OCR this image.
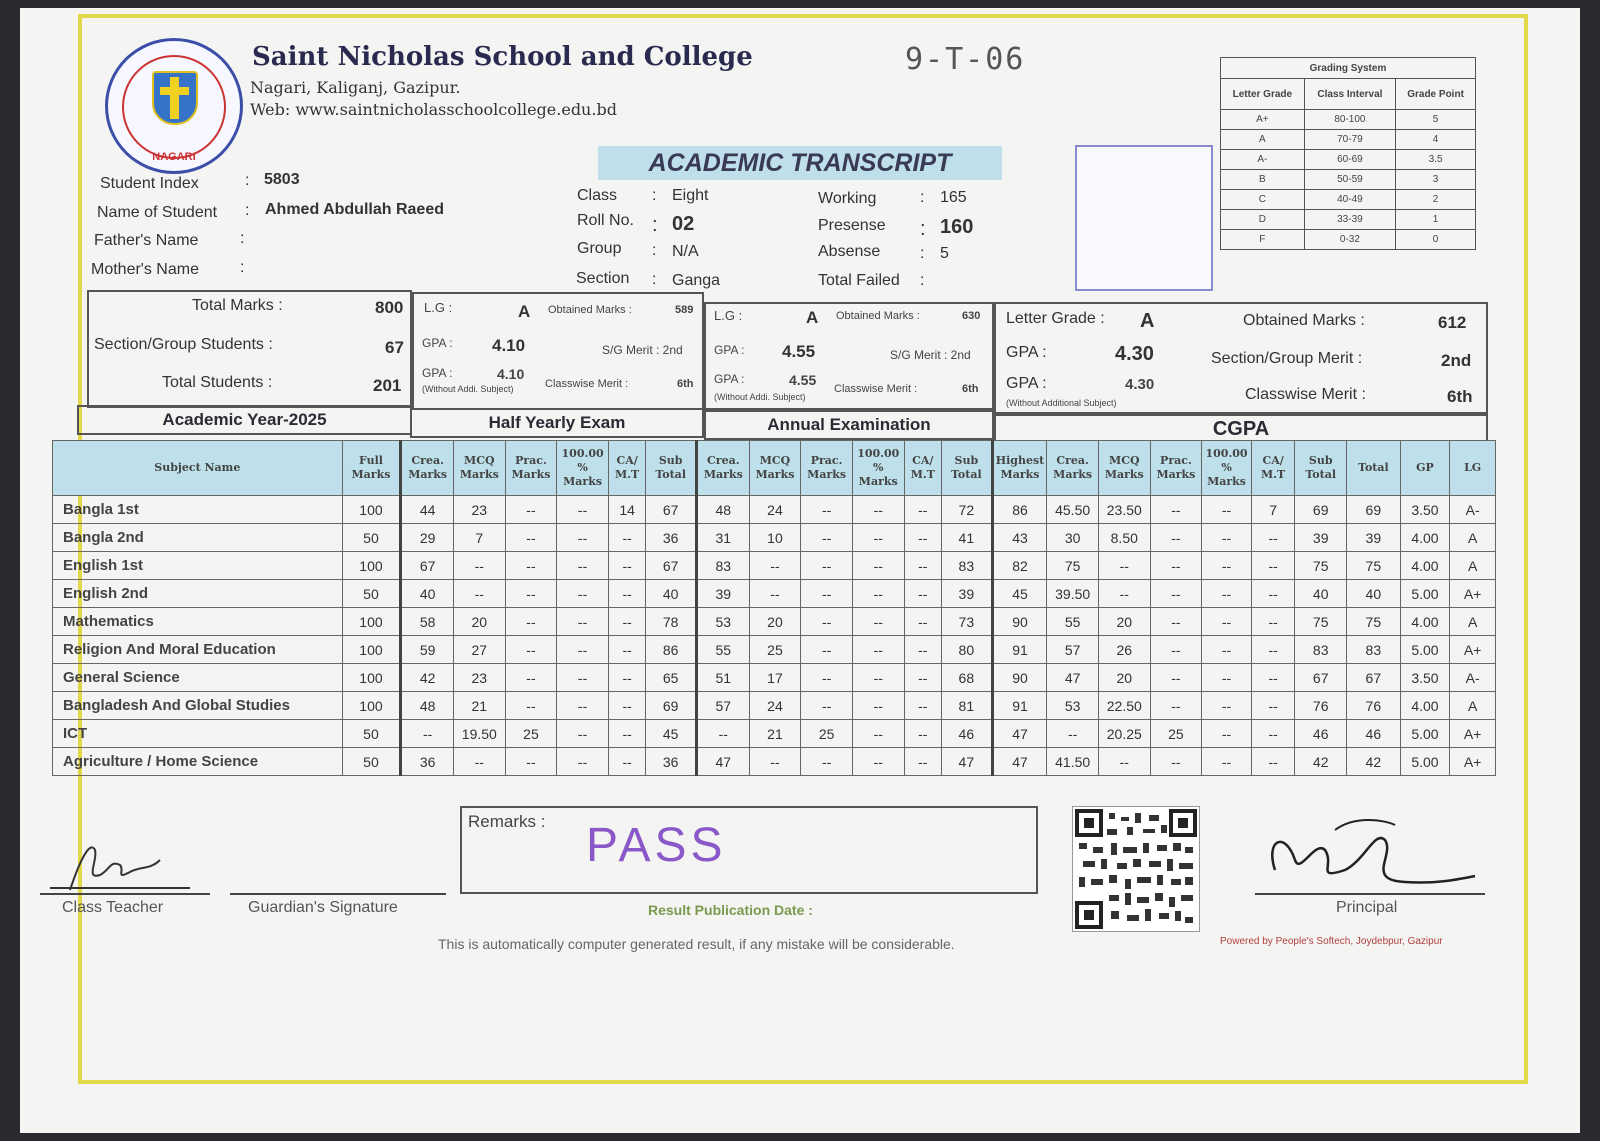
NAGARI
Saint Nicholas School and College
Nagari, Kaliganj, Gazipur.
Web: www.saintnicholasschoolcollege.edu.bd
9-T-06
ACADEMIC TRANSCRIPT
Student Index	: 5803
Name of Student : Ahmed Abdullah Raeed
Father's Name	:
Mother's Name	:
Class : Eight
Roll No. : 02
Group : N/A
Section : Ganga
Working	: 165
Presense : 160
Absense : 5
Total Failed :
Grading System		
Letter Grade	Class Interval	Grade Point
A+	80-100	5
A	70-79	4
A-	60-69	3.5
B	50-59	3
C	40-49	2
D	33-39	1
F	0-32	0
Total Marks :	800
Section/Group Students :	67
Total Students :	201
Academic Year-2025
L.G :	A Obtained Marks :	589
GPA : 4.10	S/G Merit : 2nd
GPA :	4.10
(Without Addi. Subject)	Classwise Merit :	6th
Half Yearly Exam
L.G :	A Obtained Marks :	630
GPA : 4.55	S/G Merit : 2nd
GPA :	4.55
(Without Addi. Subject)
Classwise Merit :	6th
Annual Examination
Letter Grade : A	Obtained Marks :	612
GPA :	4.30	Section/Group Merit :	2nd
GPA :	4.30
(Without Additional Subject)	Classwise Merit :	6th
CGPA
Subject Name	Full Marks	Crea. Marks	MCQ Marks	Prac. Marks	100.00 % Marks	CA/ M.T	Sub Total	Crea. Marks	MCQ Marks	Prac. Marks	100.00 % Marks	CA/ M.T	Sub Total	Highest Marks	Crea. Marks	MCQ Marks	Prac. Marks	100.00 % Marks	CA/ M.T	Sub Total	Total	GP	LG
Bangla 1st	100	44	23	--	--	14	67	48	24	--	--	--	72	86	45.50	23.50	--	--	7	69	69	3.50	A-
Bangla 2nd	50	29	7	--	--	--	36	31	10	--	--	--	41	43	30	8.50	--	--	--	39	39	4.00	A
English 1st	100	67	--	--	--	--	67	83	--	--	--	--	83	82	75	--	--	--	--	75	75	4.00	A
English 2nd	50	40	--	--	--	--	40	39	--	--	--	--	39	45	39.50	--	--	--	--	40	40	5.00	A+
Mathematics	100	58	20	--	--	--	78	53	20	--	--	--	73	90	55	20	--	--	--	75	75	4.00	A
Religion And Moral Education	100	59	27	--	--	--	86	55	25	--	--	--	80	91	57	26	--	--	--	83	83	5.00	A+
General Science	100	42	23	--	--	--	65	51	17	--	--	--	68	90	47	20	--	--	--	67	67	3.50	A-
Bangladesh And Global Studies	100	48	21	--	--	--	69	57	24	--	--	--	81	91	53	22.50	--	--	--	76	76	4.00	A
ICT	50	--	19.50	25	--	--	45	--	21	25	--	--	46	47	--	20.25	25	--	--	46	46	5.00	A+
Agriculture / Home Science	50	36	--	--	--	--	36	47	--	--	--	--	47	47	41.50	--	--	--	--	42	42	5.00	A+
Remarks : PASS
Class Teacher	Guardian's Signature	Result Publication Date :	Principal
This is automatically computer generated result, if any mistake will be considerable.	Powered by People's Softech, Joydebpur, Gazipur
